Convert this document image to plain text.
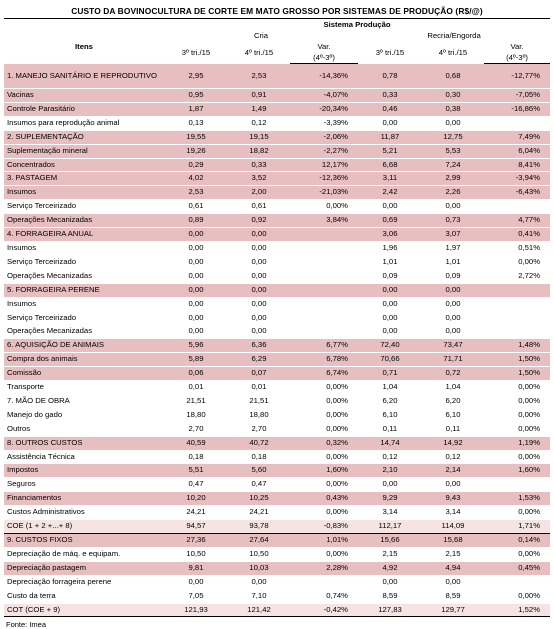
CUSTO DA BOVINOCULTURA DE CORTE EM MATO GROSSO POR SISTEMAS DE PRODUÇÃO (R$/@)
	Sistema Produção					
Itens	Cria			Recria/Engorda		
	3º tri./15	4º tri./15	Var.	3º tri./15	4º tri./15	Var.
			(4º-3º)			(4º-3º)
1. MANEJO SANITÁRIO E REPRODUTIVO	2,95	2,53	-14,36%	0,78	0,68	-12,77%
Vacinas	0,95	0,91	-4,07%	0,33	0,30	-7,05%
Controle Parasitário	1,87	1,49	-20,34%	0,46	0,38	-16,86%
Insumos para reprodução animal	0,13	0,12	-3,39%	0,00	0,00	
2. SUPLEMENTAÇÃO	19,55	19,15	-2,06%	11,87	12,75	7,49%
Suplementação mineral	19,26	18,82	-2,27%	5,21	5,53	6,04%
Concentrados	0,29	0,33	12,17%	6,68	7,24	8,41%
3. PASTAGEM	4,02	3,52	-12,36%	3,11	2,99	-3,94%
Insumos	2,53	2,00	-21,03%	2,42	2,26	-6,43%
Serviço Terceirizado	0,61	0,61	0,00%	0,00	0,00	
Operações Mecanizadas	0,89	0,92	3,84%	0,69	0,73	4,77%
4. FORRAGEIRA ANUAL	0,00	0,00		3,06	3,07	0,41%
Insumos	0,00	0,00		1,96	1,97	0,51%
Serviço Terceirizado	0,00	0,00		1,01	1,01	0,00%
Operações Mecanizadas	0,00	0,00		0,09	0,09	2,72%
5. FORRAGEIRA PERENE	0,00	0,00		0,00	0,00	
Insumos	0,00	0,00		0,00	0,00	
Serviço Terceirizado	0,00	0,00		0,00	0,00	
Operações Mecanizadas	0,00	0,00		0,00	0,00	
6. AQUISIÇÃO DE ANIMAIS	5,96	6,36	6,77%	72,40	73,47	1,48%
Compra dos animais	5,89	6,29	6,78%	70,66	71,71	1,50%
Comissão	0,06	0,07	6,74%	0,71	0,72	1,50%
Transporte	0,01	0,01	0,00%	1,04	1,04	0,00%
7. MÃO DE OBRA	21,51	21,51	0,00%	6,20	6,20	0,00%
Manejo do gado	18,80	18,80	0,00%	6,10	6,10	0,00%
Outros	2,70	2,70	0,00%	0,11	0,11	0,00%
8. OUTROS CUSTOS	40,59	40,72	0,32%	14,74	14,92	1,19%
Assistência Técnica	0,18	0,18	0,00%	0,12	0,12	0,00%
Impostos	5,51	5,60	1,60%	2,10	2,14	1,60%
Seguros	0,47	0,47	0,00%	0,00	0,00	
Financiamentos	10,20	10,25	0,43%	9,29	9,43	1,53%
Custos Administrativos	24,21	24,21	0,00%	3,14	3,14	0,00%
COE (1 + 2 +...+ 8)	94,57	93,78	-0,83%	112,17	114,09	1,71%
9. CUSTOS FIXOS	27,36	27,64	1,01%	15,66	15,68	0,14%
Depreciação de máq. e equipam.	10,50	10,50	0,00%	2,15	2,15	0,00%
Depreciação pastagem	9,81	10,03	2,28%	4,92	4,94	0,45%
Depreciação forrageira perene	0,00	0,00		0,00	0,00	
Custo da terra	7,05	7,10	0,74%	8,59	8,59	0,00%
COT (COE + 9)	121,93	121,42	-0,42%	127,83	129,77	1,52%
Fonte: Imea
